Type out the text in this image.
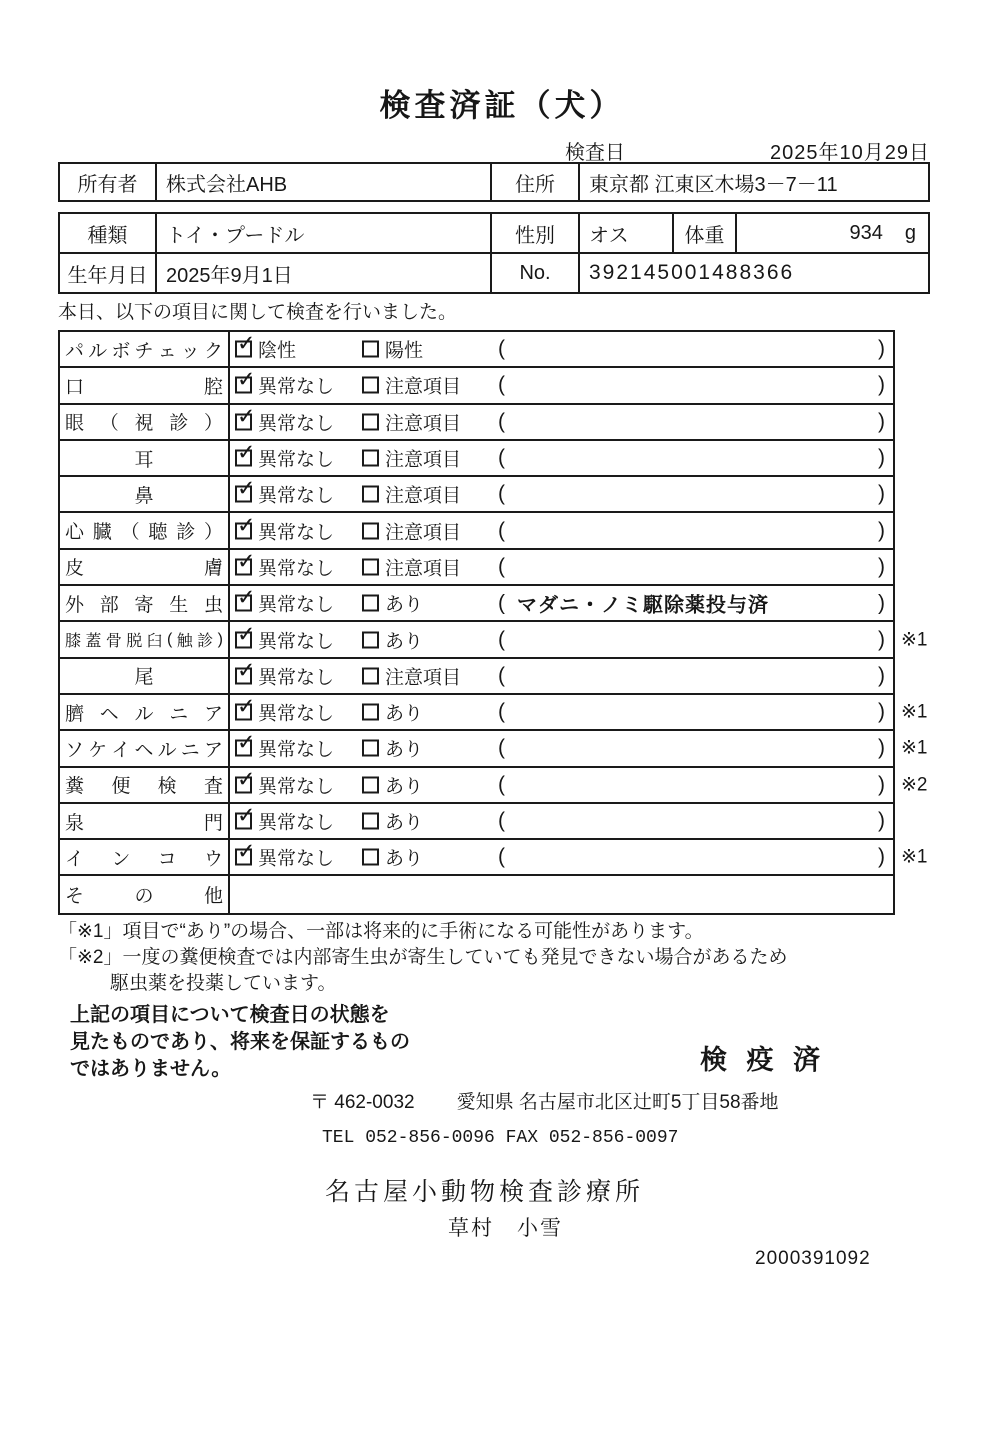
検査済証（犬）
検査日	2025年10月29日
所有者	株式会社AHB	住所	東京都 江東区木場3－7－11
種類	トイ・プードル	性別	オス	体重	934 g
生年月日 2025年9月1日	No.	392145001488366
本日、以下の項目に関して検査を行いました。
パ ル ボ チ ェ ッ ク ✓ 陰性	陽性	(	)
口	腔 ✓ 異常なし	注意項目 (	)
眼 （ 視 診 ） ✓ 異常なし	注意項目 (	)
耳	✓ 異常なし	注意項目 (	)
鼻	✓ 異常なし	注意項目 (	)
心 臓 （ 聴 診 ） ✓ 異常なし	注意項目 (	)
皮	膚 ✓ 異常なし	注意項目 (	)
外 部 寄 生 虫 ✓ 異常なし	あり	( マダニ・ノミ駆除薬投与済	)
膝 蓋 骨 脱 臼 ( 触 診 ) ✓ 異常なし	あり	(	) ※1
尾	✓ 異常なし	注意項目 (	)
臍 ヘ ル ニ ア ✓ 異常なし	あり	(	) ※1
ソ ケ イ ヘ ル ニ ア ✓ 異常なし	あり	(	) ※1
糞 便 検 査 ✓ 異常なし	あり	(	) ※2
泉	門 ✓ 異常なし	あり	(	)
イ ン コ ウ ✓ 異常なし	あり	(	) ※1
そ	の	他
「※1」項目で“あり”の場合、一部は将来的に手術になる可能性があります。
「※2」一度の糞便検査では内部寄生虫が寄生していても発見できない場合があるため
駆虫薬を投薬しています。
上記の項目について検査日の状態を
見たものであり、将来を保証するもの
ではありません。	検 疫 済
〒 462-0032 愛知県 名古屋市北区辻町5丁目58番地
TEL 052-856-0096 FAX 052-856-0097
名古屋小動物検査診療所
草村　小雪
2000391092
